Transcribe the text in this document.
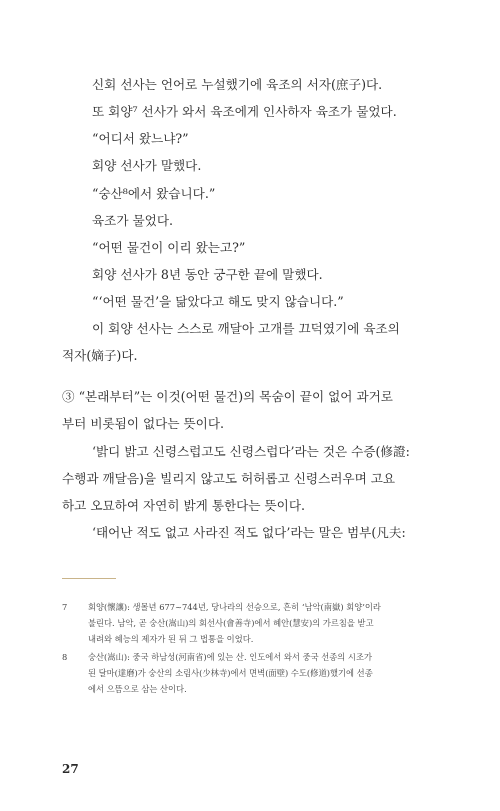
신회 선사는 언어로 누설했기에 육조의 서자(庶子)다.
또 회양⁷ 선사가 와서 육조에게 인사하자 육조가 물었다.
“어디서 왔느냐?”
회양 선사가 말했다.
“숭산⁸에서 왔습니다.”
육조가 물었다.
“어떤 물건이 이리 왔는고?”
회양 선사가 8년 동안 궁구한 끝에 말했다.
“‘어떤 물건’을 닮았다고 해도 맞지 않습니다.”
이 회양 선사는 스스로 깨달아 고개를 끄덕였기에 육조의
적자(嫡子)다.
③ “본래부터”는 이것(어떤 물건)의 목숨이 끝이 없어 과거로
부터 비롯됨이 없다는 뜻이다.
‘밝디 밝고 신령스럽고도 신령스럽다’라는 것은 수증(修證:
수행과 깨달음)을 빌리지 않고도 허허롭고 신령스러우며 고요
하고 오묘하여 자연히 밝게 통한다는 뜻이다.
‘태어난 적도 없고 사라진 적도 없다’라는 말은 범부(凡夫:
7 회양(懷讓): 생몰년 677~744년, 당나라의 선승으로, 흔히 ‘남악(南嶽) 회양’이라
불린다. 남악, 곧 숭산(嵩山)의 회선사(會善寺)에서 혜안(慧安)의 가르침을 받고
내려와 혜능의 제자가 된 뒤 그 법통을 이었다.
8 숭산(嵩山): 중국 하남성(河南省)에 있는 산. 인도에서 와서 중국 선종의 시조가
된 달마(達磨)가 숭산의 소림사(少林寺)에서 면벽(面壁) 수도(修道)했기에 선종
에서 으뜸으로 삼는 산이다.
27
